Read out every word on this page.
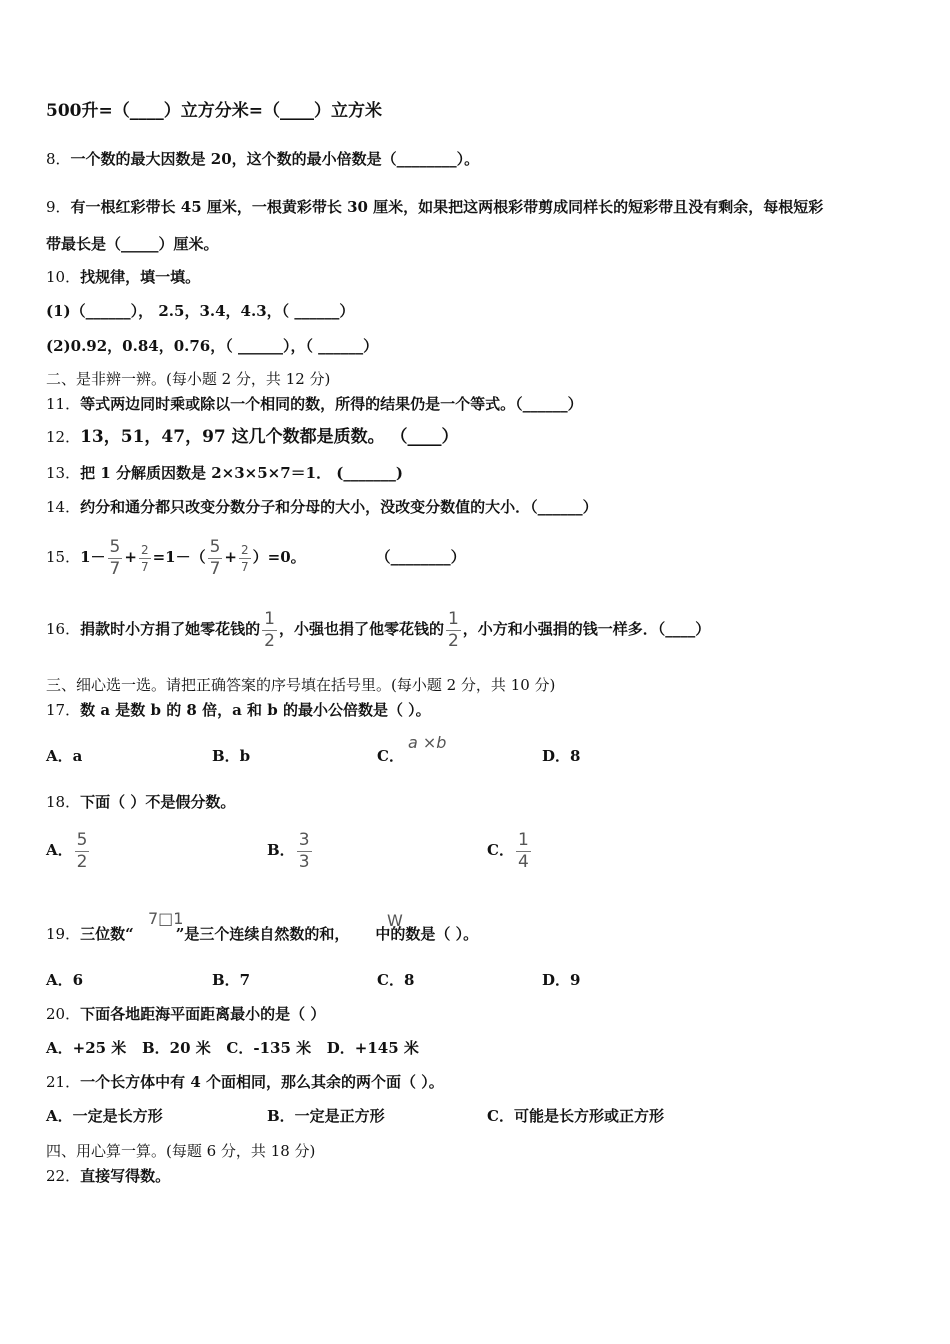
500升=（____）立方分米=（____）立方米
8．一个数的最大因数是 20，这个数的最小倍数是（________）。
9．有一根红彩带长 45 厘米，一根黄彩带长 30 厘米，如果把这两根彩带剪成同样长的短彩带且没有剩余，每根短彩
带最长是（_____）厘米。
10．找规律，填一填。
(1)（______）， 2.5，3.4，4.3，（ ______）
(2)0.92，0.84，0.76，（ ______），（ ______）
二、是非辨一辨。(每小题 2 分，共 12 分)
11．等式两边同时乘或除以一个相同的数，所得的结果仍是一个等式。（______）
12．13，51，47，97 这几个数都是质数。 （____）
13．把 1 分解质因数是 2×3×5×7＝1． (_______)
14．约分和通分都只改变分数分子和分母的大小，没改变分数值的大小．（______）
15．$1- \frac{5}{7} + \frac{2}{7} =1-( \frac{5}{7} + \frac{2}{7} )=0$。	（________）
16．捐款时小方捐了她零花钱的 $\frac{1}{2}$ ，小强也捐了他零花钱的 $\frac{1}{2}$ ，小方和小强捐的钱一样多．（____）
三、细心选一选。请把正确答案的序号填在括号里。(每小题 2 分，共 10 分)
17．数 a 是数 b 的 8 倍，a 和 b 的最小公倍数是（ ）。
A．a	B．b	C．
a ×b
D．8
18．下面（ ）不是假分数。
A． $\frac{5}{2}$	B． $\frac{3}{3}$	C． $\frac{1}{4}$
19．三位数“	”是三个连续自然数的和， 中的数是（ ）。
7□1	W
A．6	B．7	C．8	D．9
20．下面各地距海平面距离最小的是（ ）
A．+25 米   B．20 米   C．-135 米   D．+145 米
21．一个长方体中有 4 个面相同，那么其余的两个面（ ）。
A．一定是长方形	B．一定是正方形	C．可能是长方形或正方形
四、用心算一算。(每题 6 分，共 18 分)
22．直接写得数。
